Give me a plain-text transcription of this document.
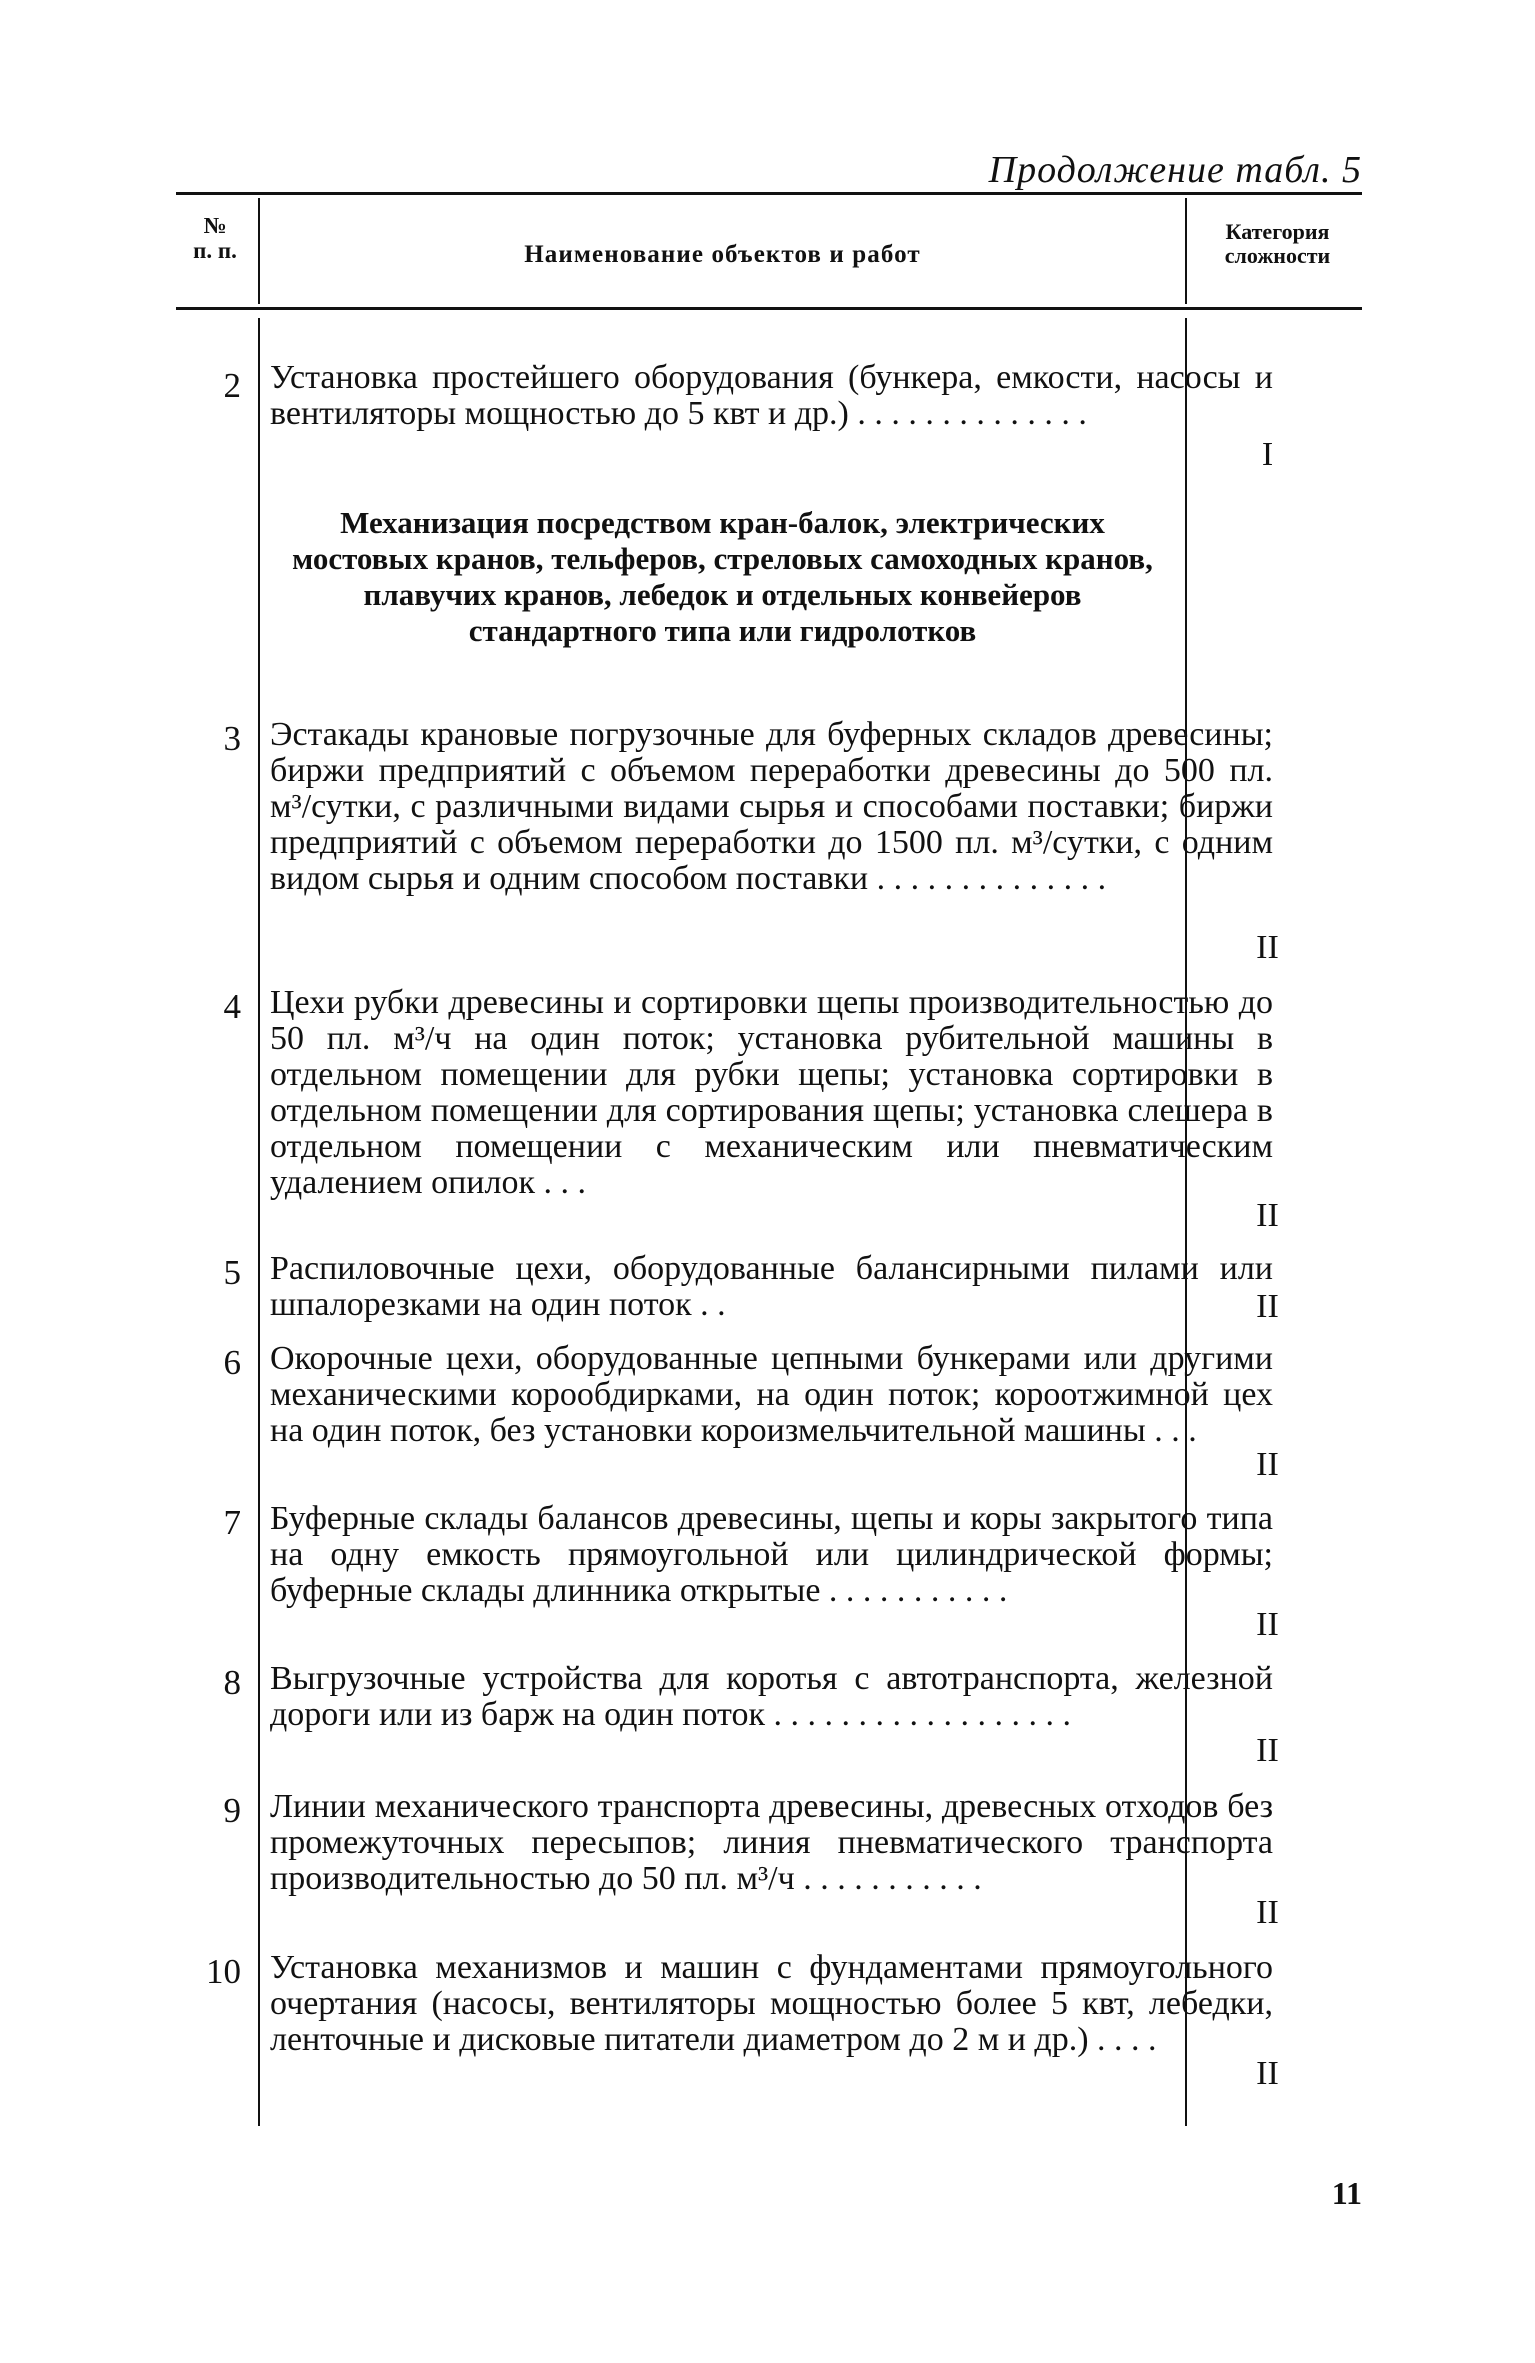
Продолжение табл. 5
№
п. п.	Наименование объектов и работ
Категория
сложности
2 Установка простейшего оборудования (бункера, емкости, насосы и вентиляторы мощностью до 5 квт и др.) . . . . . . . . . . . . . .
I
Механизация посредством кран-балок, электрических мостовых кранов, тельферов, стреловых самоходных кранов, плавучих кранов, лебедок и отдельных конвейеров стандартного типа или гидролотков
3 Эстакады крановые погрузочные для буферных складов древесины; биржи предприятий с объемом переработки древесины до 500 пл. м³/сутки, с различными видами сырья и способами поставки; биржи предприятий с объемом переработки до 1500 пл. м³/сутки, с одним видом сырья и одним способом поставки . . . . . . . . . . . . . .
II
4 Цехи рубки древесины и сортировки щепы производительностью до 50 пл. м³/ч на один поток; установка рубительной машины в отдельном помещении для рубки щепы; установка сортировки в отдельном помещении для сортирования щепы; установка слешера в отдельном помещении с механическим или пневматическим удалением опилок . . .
II
5 Распиловочные цехи, оборудованные балансирными пилами или шпалорезками на один поток . .	II
6 Окорочные цехи, оборудованные цепными бункерами или другими механическими корообдирками, на один поток; короотжимной цех на один поток, без установки короизмельчительной машины . . .
II
7 Буферные склады балансов древесины, щепы и коры закрытого типа на одну емкость прямоугольной или цилиндрической формы; буферные склады длинника открытые . . . . . . . . . . .
II
8 Выгрузочные устройства для коротья с автотранспорта, железной дороги или из барж на один поток . . . . . . . . . . . . . . . . . .
II
9 Линии механического транспорта древесины, древесных отходов без промежуточных пересыпов; линия пневматического транспорта производительностью до 50 пл. м³/ч . . . . . . . . . . .
II
10 Установка механизмов и машин с фундаментами прямоугольного очертания (насосы, вентиляторы мощностью более 5 квт, лебедки, ленточные и дисковые питатели диаметром до 2 м и др.) . . . .
II
11
